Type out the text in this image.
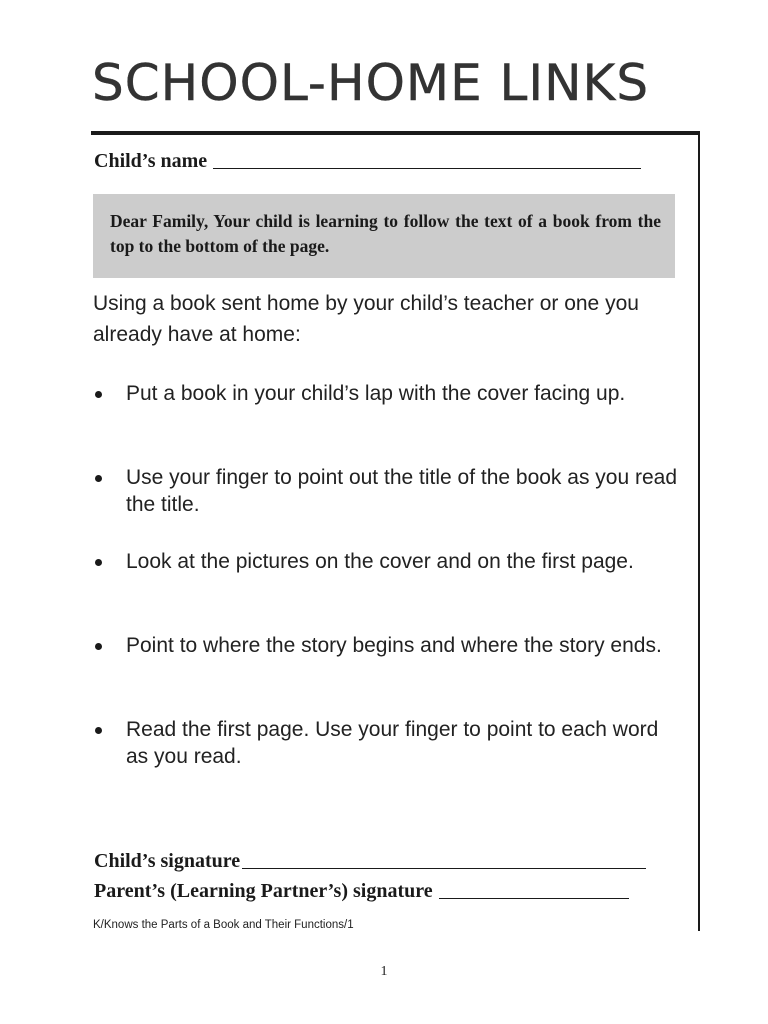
SCHOOL-HOME LINKS
Child’s name
Dear Family, Your child is learning to follow the text of a book from the top to the bottom of the page.
Using a book sent home by your child’s teacher or one you already have at home:
Put a book in your child’s lap with the cover facing up.
Use your finger to point out the title of the book as you read the title.
Look at the pictures on the cover and on the first page.
Point to where the story begins and where the story ends.
Read the first page. Use your finger to point to each word as you read.
Child’s signature
Parent’s (Learning Partner’s) signature
K/Knows the Parts of a Book and Their Functions/1
1
